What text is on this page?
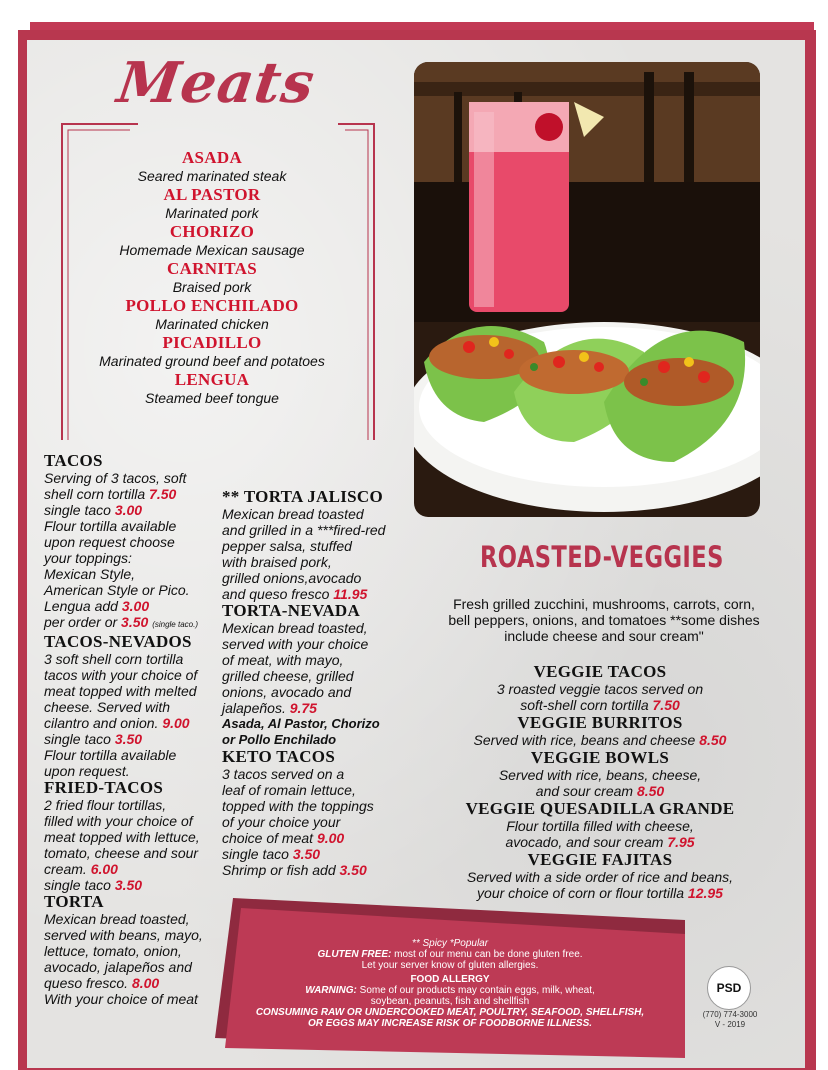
Meats
ASADA
Seared marinated steak
AL PASTOR
Marinated pork
CHORIZO
Homemade Mexican sausage
CARNITAS
Braised pork
POLLO ENCHILADO
Marinated chicken
PICADILLO
Marinated ground beef and potatoes
LENGUA
Steamed beef tongue
TACOS
Serving of 3 tacos, soft
shell corn tortilla 7.50
single taco 3.00
Flour tortilla available
upon request choose
your toppings:
Mexican Style,
American Style or Pico.
Lengua add 3.00
per order or 3.50 (single taco.)
TACOS-NEVADOS
3 soft shell corn tortilla
tacos with your choice of
meat topped with melted
cheese. Served with
cilantro and onion. 9.00
single taco 3.50
Flour tortilla available
upon request.
FRIED-TACOS
2 fried flour tortillas,
filled with your choice of
meat topped with lettuce,
tomato, cheese and sour
cream. 6.00
single taco 3.50
TORTA
Mexican bread toasted,
served with beans, mayo,
lettuce, tomato, onion,
avocado, jalapeños and
queso fresco. 8.00
With your choice of meat
** TORTA JALISCO
Mexican bread toasted
and grilled in a ***fired-red
pepper salsa, stuffed
with braised pork,
grilled onions,avocado
and queso fresco 11.95
TORTA-NEVADA
Mexican bread toasted,
served with your choice
of meat, with mayo,
grilled cheese, grilled
onions, avocado and
jalapeños. 9.75
Asada, Al Pastor, Chorizo
or Pollo Enchilado
KETO TACOS
3 tacos served on a
leaf of romain lettuce,
topped with the toppings
of your choice your
choice of meat 9.00
single taco 3.50
Shrimp or fish add 3.50
ROASTED-VEGGIES
Fresh grilled zucchini, mushrooms, carrots, corn,
bell peppers, onions, and tomatoes **some dishes
include cheese and sour cream"
VEGGIE TACOS
3 roasted veggie tacos served on
soft-shell corn tortilla 7.50
VEGGIE BURRITOS
Served with rice, beans and cheese 8.50
VEGGIE BOWLS
Served with rice, beans, cheese,
and sour cream 8.50
VEGGIE QUESADILLA GRANDE
Flour tortilla filled with cheese,
avocado, and sour cream 7.95
VEGGIE FAJITAS
Served with a side order of rice and beans,
your choice of corn or flour tortilla 12.95
** Spicy *Popular
GLUTEN FREE: most of our menu can be done gluten free.
Let your server know of gluten allergies.
FOOD ALLERGY
WARNING: Some of our products may contain eggs, milk, wheat,
soybean, peanuts, fish and shellfish
CONSUMING RAW OR UNDERCOOKED MEAT, POULTRY, SEAFOOD, SHELLFISH,
OR EGGS MAY INCREASE RISK OF FOODBORNE ILLNESS.
PSD
(770) 774-3000
V - 2019
